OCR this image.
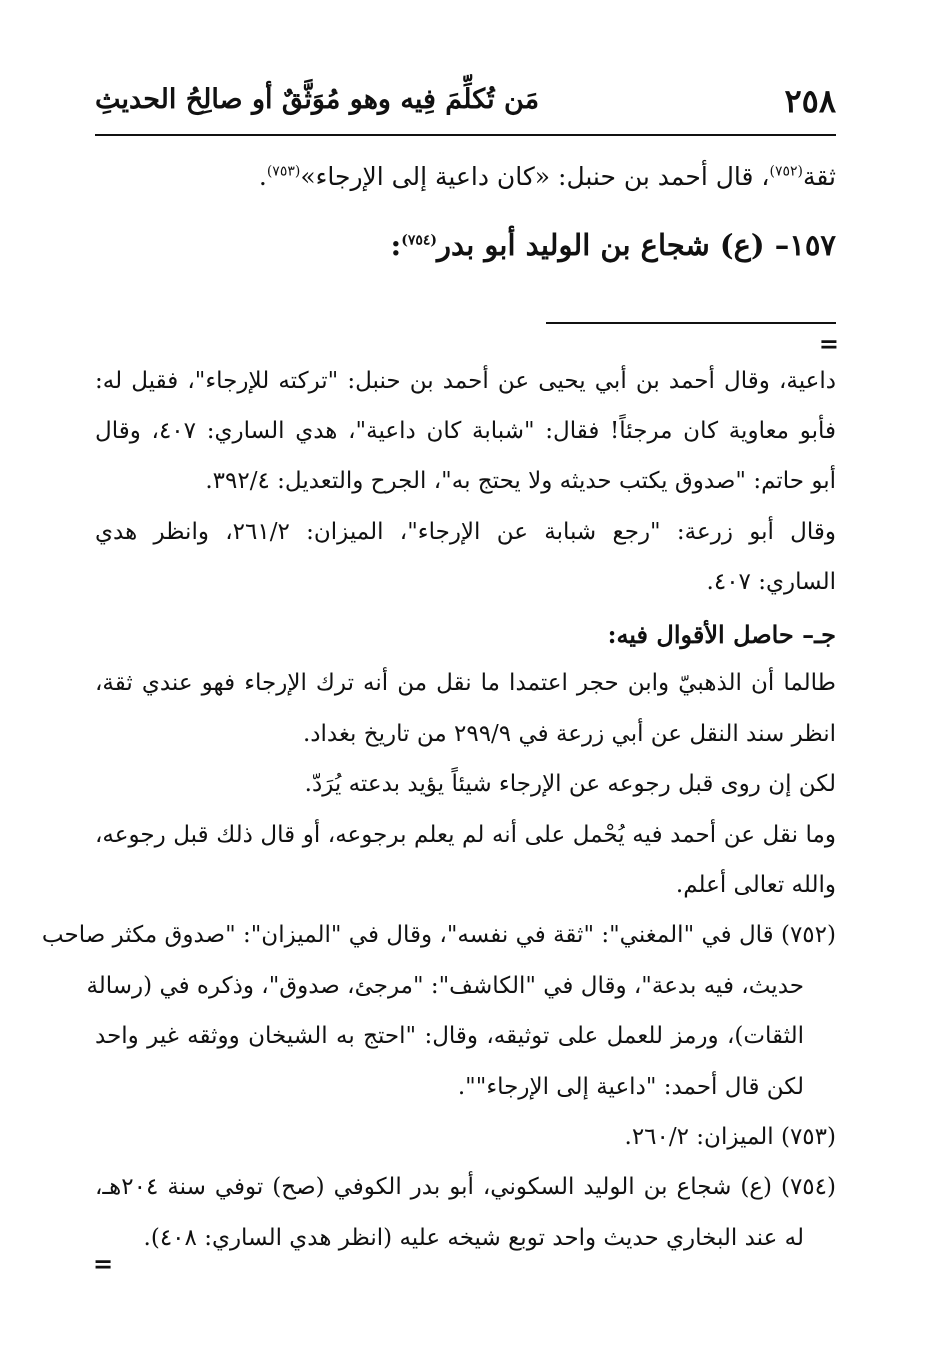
٢٥٨
مَن تُكلِّمَ فِيه وهو مُوَثَّقٌ أو صالِحُ الحديثِ
ثقة$^{(٧٥٢)}$، قال أحمد بن حنبل: «كان داعية إلى الإرجاء»$^{(٧٥٣)}$.
١٥٧– (ع) شجاع بن الوليد أبو بدر$^{(٧٥٤)}$:
=
داعية، وقال أحمد بن أبي يحيى عن أحمد بن حنبل: "تركته للإرجاء"، فقيل له:
فأبو معاوية كان مرجئاً! فقال: "شبابة كان داعية"، هدي الساري: ٤٠٧، وقال
أبو حاتم: "صدوق يكتب حديثه ولا يحتج به"، الجرح والتعديل: ٣٩٢/٤.
وقال أبو زرعة: "رجع شبابة عن الإرجاء"، الميزان: ٢٦١/٢، وانظر هدي
الساري: ٤٠٧.
جـ– حاصل الأقوال فيه:
طالما أن الذهبيّ وابن حجر اعتمدا ما نقل من أنه ترك الإرجاء فهو عندي ثقة،
انظر سند النقل عن أبي زرعة في ٢٩٩/٩ من تاريخ بغداد.
لكن إن روى قبل رجوعه عن الإرجاء شيئاً يؤيد بدعته يُرَدّ.
وما نقل عن أحمد فيه يُحْمل على أنه لم يعلم برجوعه، أو قال ذلك قبل رجوعه،
والله تعالى أعلم.
(٧٥٢) قال في "المغني": "ثقة في نفسه"، وقال في "الميزان": "صدوق مكثر صاحب
حديث، فيه بدعة"، وقال في "الكاشف": "مرجئ، صدوق"، وذكره في (رسالة
الثقات)، ورمز للعمل على توثيقه، وقال: "احتج به الشيخان ووثقه غير واحد
لكن قال أحمد: "داعية إلى الإرجاء"".
(٧٥٣) الميزان: ٢٦٠/٢.
(٧٥٤) (ع) شجاع بن الوليد السكوني، أبو بدر الكوفي (صح) توفي سنة ٢٠٤هـ،
له عند البخاري حديث واحد توبع شيخه عليه (انظر هدي الساري: ٤٠٨).
=
